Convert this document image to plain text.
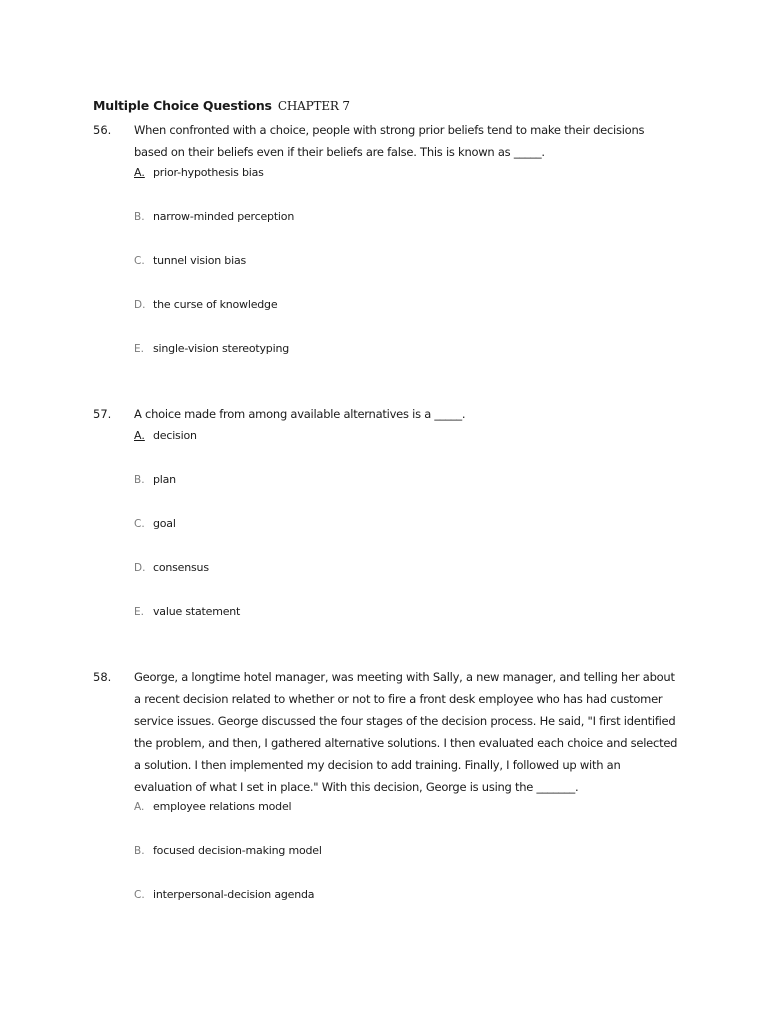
Multiple Choice Questions CHAPTER 7
56. When confronted with a choice, people with strong prior beliefs tend to make their decisions based on their beliefs even if their beliefs are false. This is known as _____.
A. prior-hypothesis bias
B. narrow-minded perception
C. tunnel vision bias
D. the curse of knowledge
E. single-vision stereotyping
57. A choice made from among available alternatives is a _____.
A. decision
B. plan
C. goal
D. consensus
E. value statement
58. George, a longtime hotel manager, was meeting with Sally, a new manager, and telling her about a recent decision related to whether or not to fire a front desk employee who has had customer service issues. George discussed the four stages of the decision process. He said, "I first identified the problem, and then, I gathered alternative solutions. I then evaluated each choice and selected a solution. I then implemented my decision to add training. Finally, I followed up with an evaluation of what I set in place." With this decision, George is using the _______.
A. employee relations model
B. focused decision-making model
C. interpersonal-decision agenda
